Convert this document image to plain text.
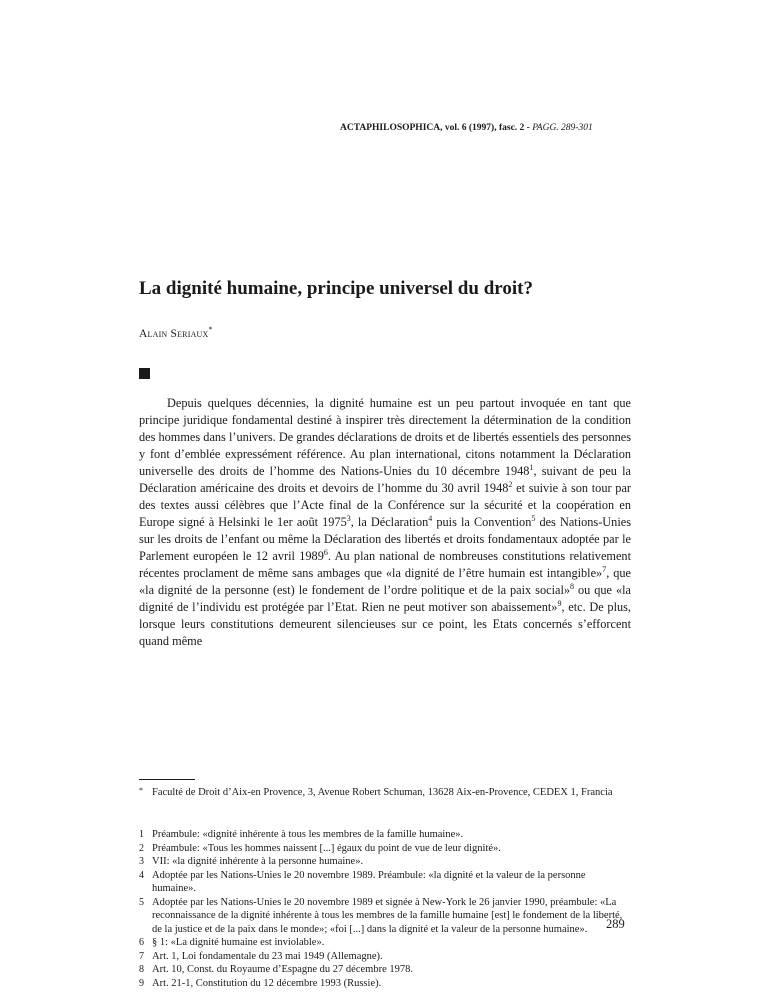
ACTAPHILOSOPHICA, vol. 6 (1997), fasc. 2 - PAGG. 289-301
La dignité humaine, principe universel du droit?
Alain Seriaux*

Depuis quelques décennies, la dignité humaine est un peu partout invoquée en tant que principe juridique fondamental destiné à inspirer très directement la détermination de la condition des hommes dans l’univers. De grandes déclarations de droits et de libertés essentiels des personnes y font d’emblée expressément référence. Au plan international, citons notamment la Déclaration universelle des droits de l’homme des Nations-Unies du 10 décembre 1948$^1$, suivant de peu la Déclaration américaine des droits et devoirs de l’homme du 30 avril 1948$^2$ et suivie à son tour par des textes aussi célèbres que l’Acte final de la Conférence sur la sécurité et la coopération en Europe signé à Helsinki le 1er août 1975$^3$, la Déclaration$^4$ puis la Convention$^5$ des Nations-Unies sur les droits de l’enfant ou même la Déclaration des libertés et droits fondamentaux adoptée par le Parlement européen le 12 avril 1989$^6$. Au plan national de nombreuses constitutions relativement récentes proclament de même sans ambages que «la dignité de l’être humain est intangible»$^7$, que «la dignité de la personne (est) le fondement de l’ordre politique et de la paix social»$^8$ ou que «la dignité de l’individu est protégée par l’Etat. Rien ne peut motiver son abaissement»$^9$, etc. De plus, lorsque leurs constitutions demeurent silencieuses sur ce point, les Etats concernés s’efforcent quand même

* Faculté de Droit d’Aix-en Provence, 3, Avenue Robert Schuman, 13628 Aix-en-Provence, CEDEX 1, Francia
1 Préambule: «dignité inhérente à tous les membres de la famille humaine».
2 Préambule: «Tous les hommes naissent [...] égaux du point de vue de leur dignité».
3 VII: «la dignité inhérente à la personne humaine».
4 Adoptée par les Nations-Unies le 20 novembre 1989. Préambule: «la dignité et la valeur de la personne humaine».
5 Adoptée par les Nations-Unies le 20 novembre 1989 et signée à New-York le 26 janvier 1990, préambule: «La reconnaissance de la dignité inhérente à tous les membres de la famille humaine [est] le fondement de la liberté, de la justice et de la paix dans le monde»; «foi [...] dans la dignité et la valeur de la personne humaine».
6 § 1: «La dignité humaine est inviolable».
7 Art. 1, Loi fondamentale du 23 mai 1949 (Allemagne).
8 Art. 10, Const. du Royaume d’Espagne du 27 décembre 1978.
9 Art. 21-1, Constitution du 12 décembre 1993 (Russie).
289
